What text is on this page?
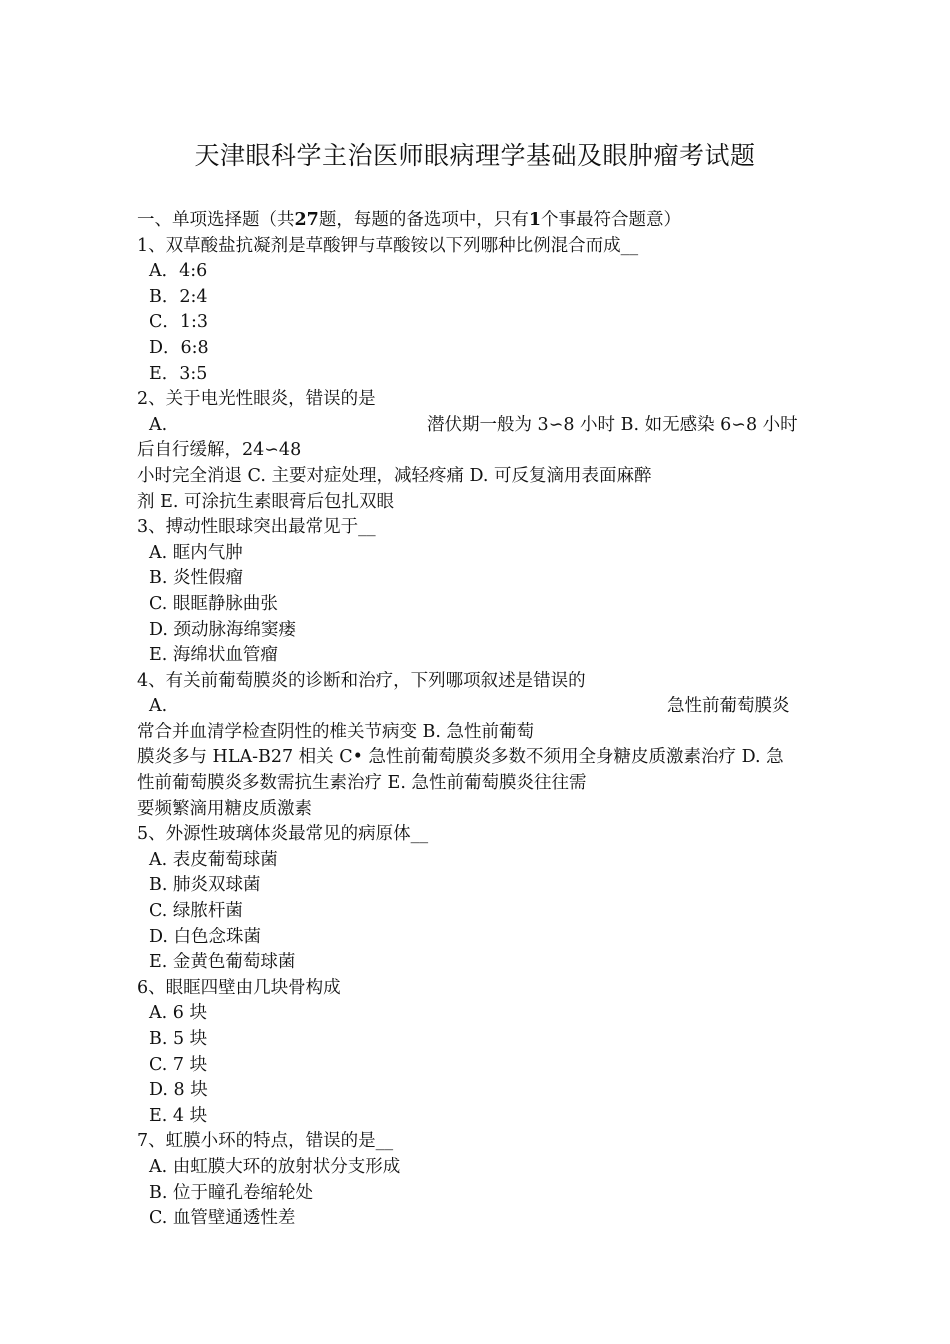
天津眼科学主治医师眼病理学基础及眼肿瘤考试题
一、单项选择题（共27题，每题的备选项中，只有1个事最符合题意）
1、双草酸盐抗凝剂是草酸钾与草酸铵以下列哪种比例混合而成__
A．4:6
B．2:4
C．1:3
D．6:8
E．3:5
2、关于电光性眼炎，错误的是
A.	潜伏期一般为 3∽8 小时 B. 如无感染 6∽8 小时
后自行缓解，24∽48
小时完全消退 C. 主要对症处理，减轻疼痛 D. 可反复滴用表面麻醉
剂 E. 可涂抗生素眼膏后包扎双眼
3、搏动性眼球突出最常见于__
A. 眶内气肿
B. 炎性假瘤
C. 眼眶静脉曲张
D. 颈动脉海绵窦瘘
E. 海绵状血管瘤
4、有关前葡萄膜炎的诊断和治疗，下列哪项叙述是错误的
A.	急性前葡萄膜炎
常合并血清学检查阴性的椎关节病变 B. 急性前葡萄
膜炎多与 HLA-B27 相关 C• 急性前葡萄膜炎多数不须用全身糖皮质激素治疗 D. 急
性前葡萄膜炎多数需抗生素治疗 E. 急性前葡萄膜炎往往需
要频繁滴用糖皮质激素
5、外源性玻璃体炎最常见的病原体__
A. 表皮葡萄球菌
B. 肺炎双球菌
C. 绿脓杆菌
D. 白色念珠菌
E. 金黄色葡萄球菌
6、眼眶四壁由几块骨构成
A. 6 块
B. 5 块
C. 7 块
D. 8 块
E. 4 块
7、虹膜小环的特点，错误的是__
A. 由虹膜大环的放射状分支形成
B. 位于瞳孔卷缩轮处
C. 血管壁通透性差
